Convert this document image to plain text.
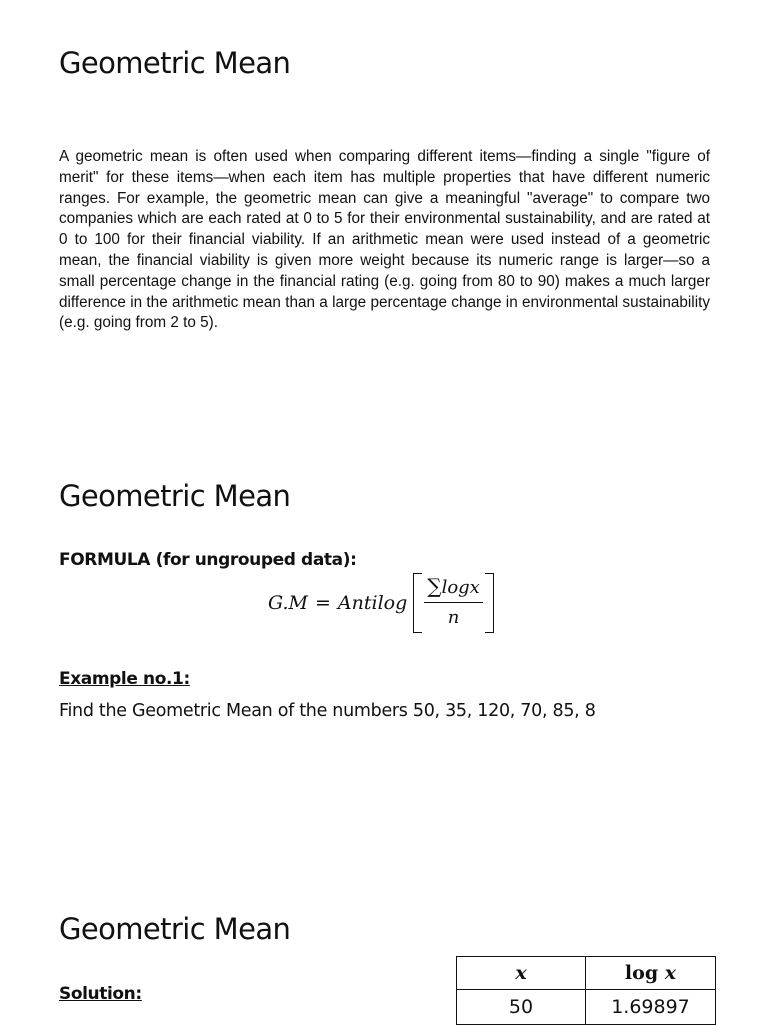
Geometric Mean

A geometric mean is often used when comparing different items—finding a single "figure of merit" for these items—when each item has multiple properties that have different numeric ranges. For example, the geometric mean can give a meaningful "average" to compare two companies which are each rated at 0 to 5 for their environmental sustainability, and are rated at 0 to 100 for their financial viability. If an arithmetic mean were used instead of a geometric mean, the financial viability is given more weight because its numeric range is larger—so a small percentage change in the financial rating (e.g. going from 80 to 90) makes a much larger difference in the arithmetic mean than a large percentage change in environmental sustainability (e.g. going from 2 to 5).

Geometric Mean
FORMULA (for ungrouped data):
G.M = Antilog $\frac{\sum\log x}{n}$
Example no.1:
Find the Geometric Mean of the numbers 50, 35, 120, 70, 85, 8
Geometric Mean
Solution:
x	log x
50	1.69897
